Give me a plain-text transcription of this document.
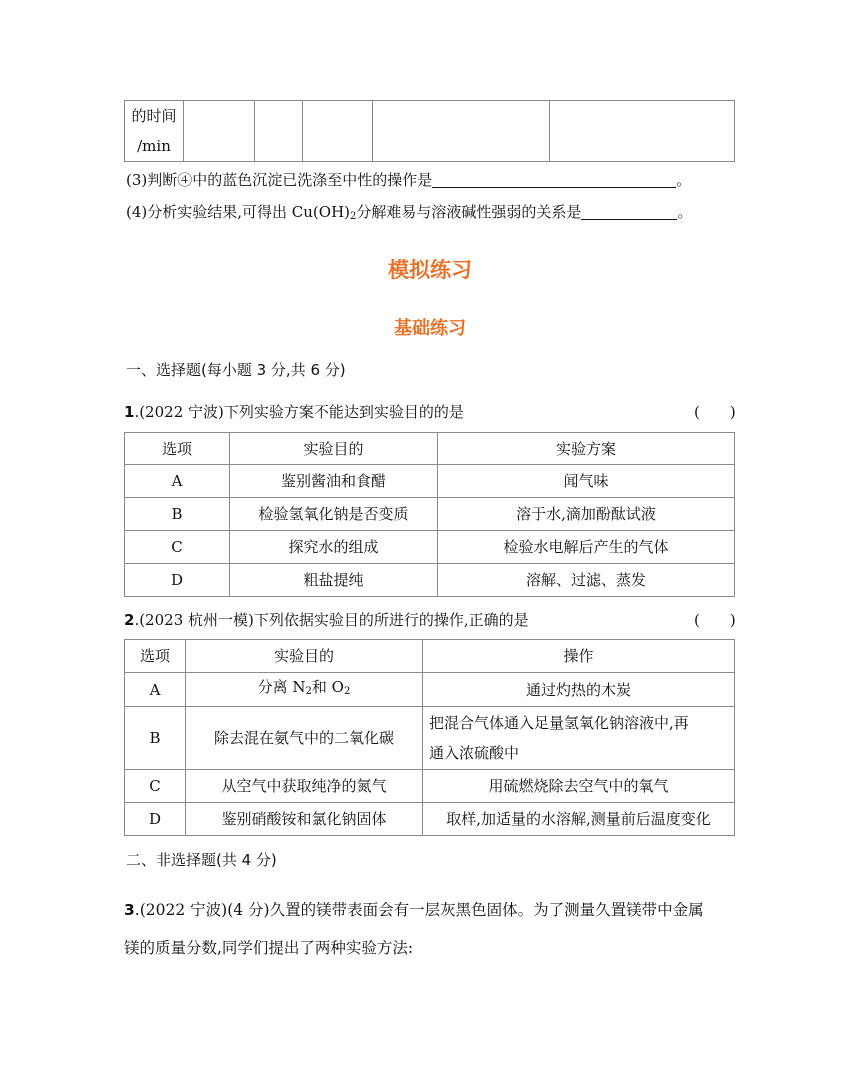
的时间
/min

(3)判断④中的蓝色沉淀已洗涤至中性的操作是	。
(4)分析实验结果,可得出 $Cu(OH)_2$分解难易与溶液碱性强弱的关系是	。
模拟练习
基础练习
一、选择题(每小题 3 分,共 6 分)
1.(2022 宁波)下列实验方案不能达到实验目的的是	(　　)
选项	实验目的	实验方案
A	鉴别酱油和食醋	闻气味
B	检验氢氧化钠是否变质	溶于水,滴加酚酞试液
C	探究水的组成	检验水电解后产生的气体
D	粗盐提纯	溶解、过滤、蒸发
2.(2023 杭州一模)下列依据实验目的所进行的操作,正确的是	(　　)
选项	实验目的	操作
A	分离 $N_2$和 $O_2$	通过灼热的木炭
B	除去混在氨气中的二氧化碳	把混合气体通入足量氢氧化钠溶液中,再
通入浓硫酸中

C	从空气中获取纯净的氮气	用硫燃烧除去空气中的氧气
D	鉴别硝酸铵和氯化钠固体	取样,加适量的水溶解,测量前后温度变化
二、非选择题(共 4 分)
3.(2022 宁波)(4 分)久置的镁带表面会有一层灰黑色固体。为了测量久置镁带中金属
镁的质量分数,同学们提出了两种实验方法:
